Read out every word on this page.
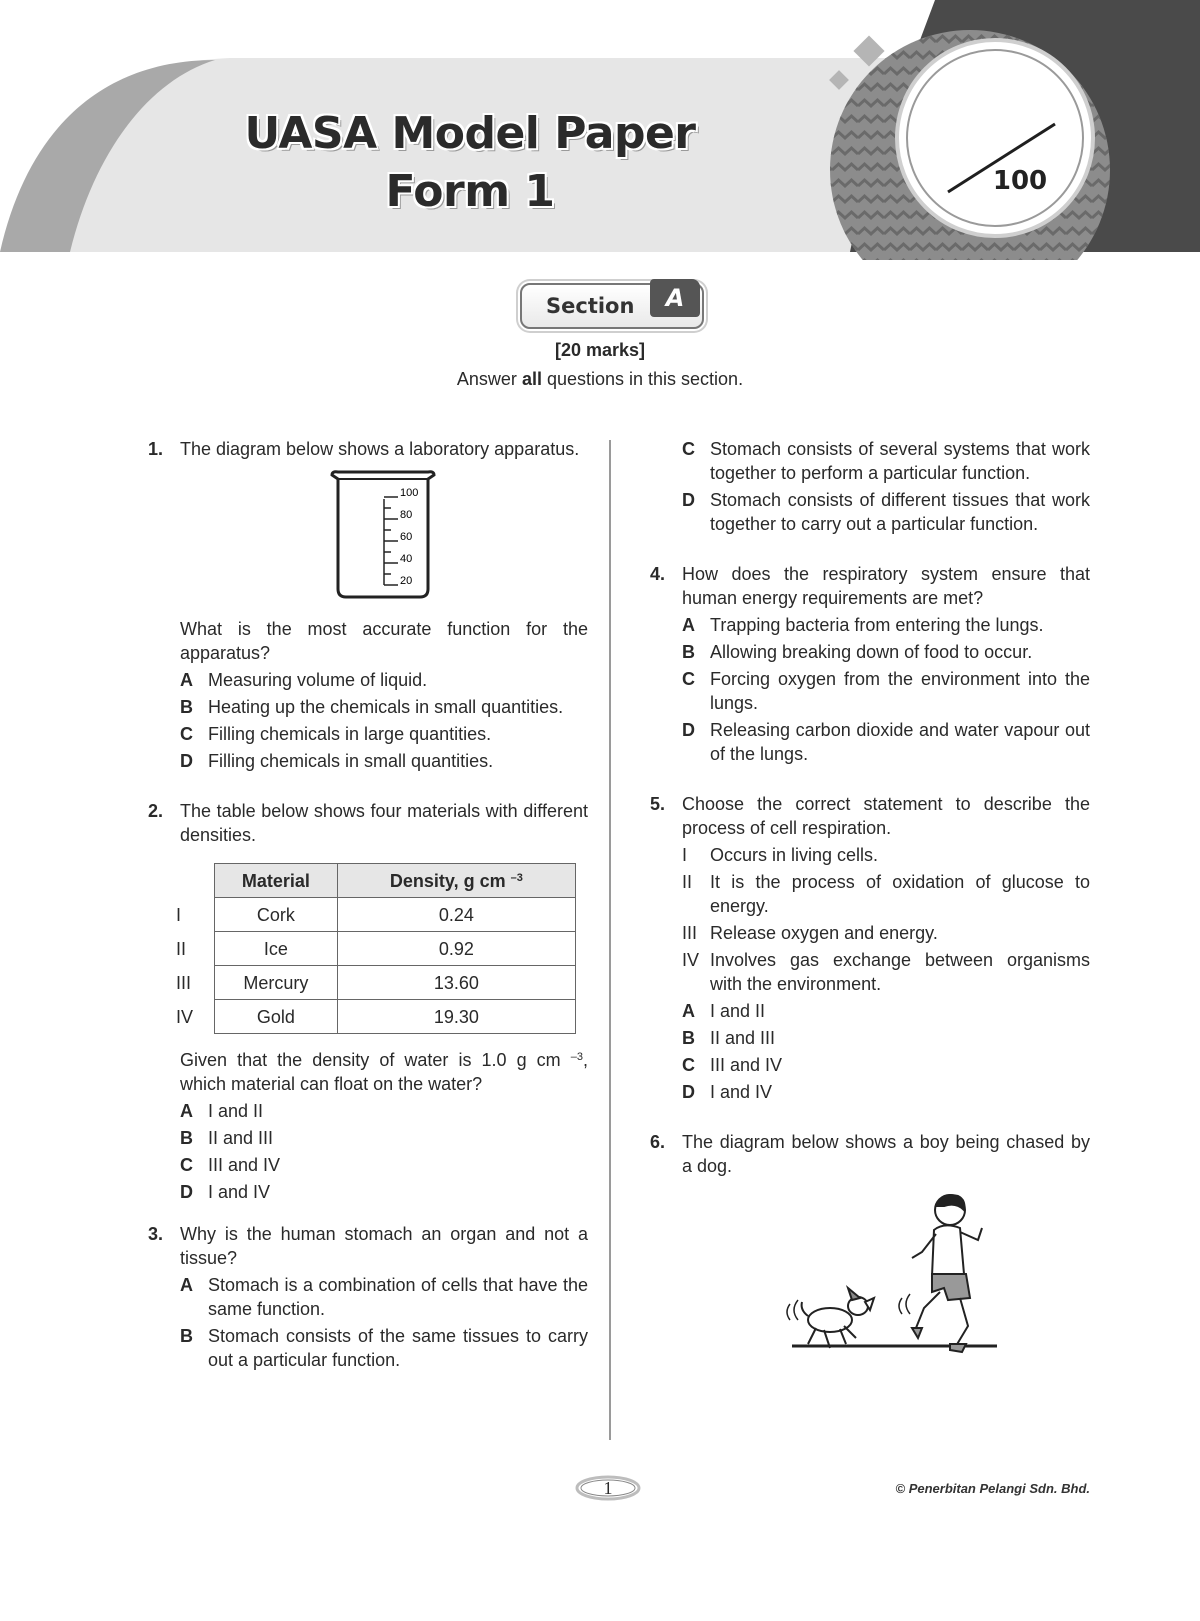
UASA Model Paper
Form 1	100
Section	A
[20 marks]
Answer all questions in this section.
1. The diagram below shows a laboratory apparatus.

100
80
60
40
20

What is the most accurate function for the apparatus?

A Measuring volume of liquid.
B Heating up the chemicals in small quantities.
C Filling chemicals in large quantities.
D Filling chemicals in small quantities.
2. The table below shows four materials with different densities.

	Material	Density, g cm $^{-3}$
I	Cork	0.24
II	Ice	0.92
III	Mercury	13.60
IV	Gold	19.30

Given that the density of water is 1.0 g cm $^{-3}$, which material can float on the water?

A I and II
B II and III
C III and IV
D I and IV
3. Why is the human stomach an organ and not a tissue?

A Stomach is a combination of cells that have the same function.
B Stomach consists of the same tissues to carry out a particular function.
C Stomach consists of several systems that work together to perform a particular function.
D Stomach consists of different tissues that work together to carry out a particular function.
4. How does the respiratory system ensure that human energy requirements are met?

A Trapping bacteria from entering the lungs.
B Allowing breaking down of food to occur.
C Forcing oxygen from the environment into the lungs.
D Releasing carbon dioxide and water vapour out of the lungs.
5. Choose the correct statement to describe the process of cell respiration.

I Occurs in living cells.
II It is the process of oxidation of glucose to energy.
III Release oxygen and energy.
IV Involves gas exchange between organisms with the environment.
A I and II
B II and III
C III and IV
D I and IV
6. The diagram below shows a boy being chased by a dog.

1	© Penerbitan Pelangi Sdn. Bhd.
